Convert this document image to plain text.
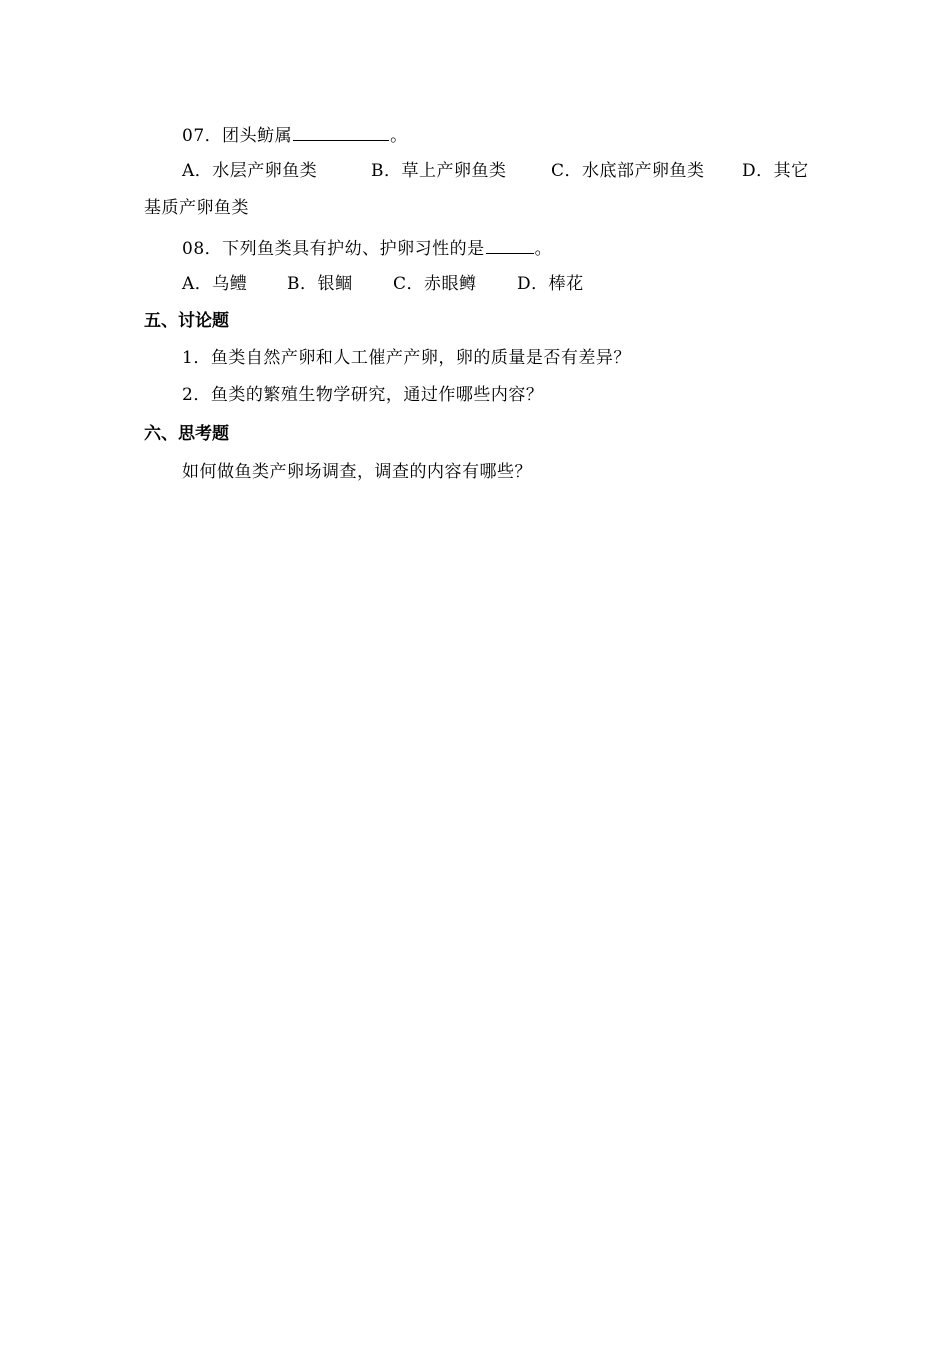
07．团头鲂属	。
A．水层产卵鱼类	B．草上产卵鱼类	C．水底部产卵鱼类 D．其它
基质产卵鱼类
08．下列鱼类具有护幼、护卵习性的是	。
A．乌鳢 B．银鲴 C．赤眼鳟 D．棒花
五、讨论题
1．鱼类自然产卵和人工催产产卵，卵的质量是否有差异？
2．鱼类的繁殖生物学研究，通过作哪些内容？
六、思考题
如何做鱼类产卵场调查，调查的内容有哪些？
